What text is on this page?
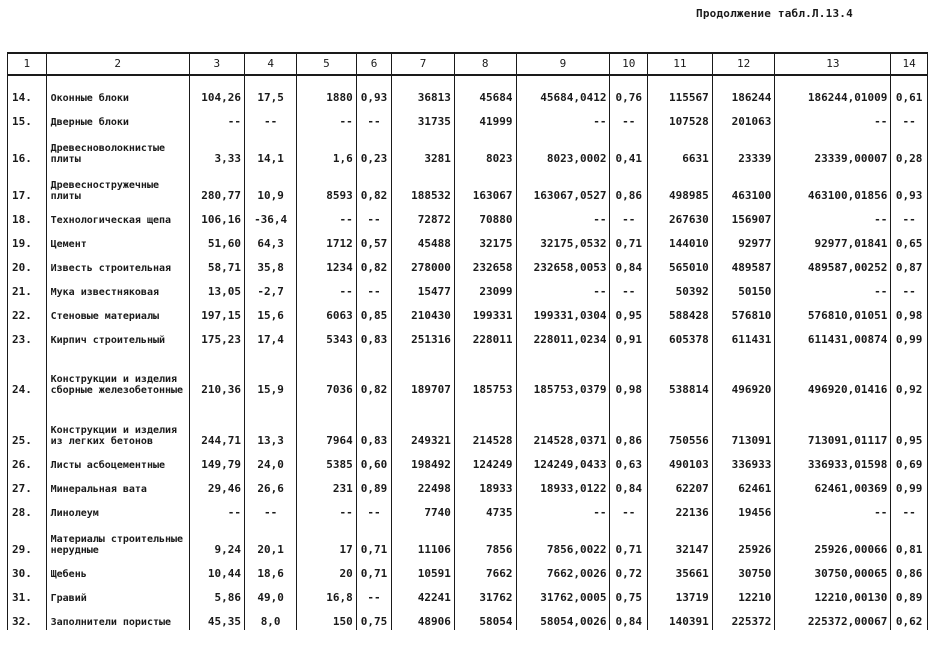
Продолжение табл.Л.13.4
1	2	3	4	5	6	7	8	9	10	11	12	13	14
14.	Оконные блоки	104,26	17,5	1880	0,93	36813	45684	45684,0412	0,76	115567	186244	186244,01009	0,61
15.	Дверные блоки	--	--	--	--	31735	41999	--	--	107528	201063	--	--
16.	Древесноволокнистые плиты	3,33	14,1	1,6	0,23	3281	8023	8023,0002	0,41	6631	23339	23339,00007	0,28
17.	Древесностружечные плиты	280,77	10,9	8593	0,82	188532	163067	163067,0527	0,86	498985	463100	463100,01856	0,93
18.	Технологическая щепа	106,16	-36,4	--	--	72872	70880	--	--	267630	156907	--	--
19.	Цемент	51,60	64,3	1712	0,57	45488	32175	32175,0532	0,71	144010	92977	92977,01841	0,65
20.	Известь строительная	58,71	35,8	1234	0,82	278000	232658	232658,0053	0,84	565010	489587	489587,00252	0,87
21.	Мука известняковая	13,05	-2,7	--	--	15477	23099	--	--	50392	50150	--	--
22.	Стеновые материалы	197,15	15,6	6063	0,85	210430	199331	199331,0304	0,95	588428	576810	576810,01051	0,98
23.	Кирпич строительный	175,23	17,4	5343	0,83	251316	228011	228011,0234	0,91	605378	611431	611431,00874	0,99
24.	Конструкции и изделия сборные железобетонные	210,36	15,9	7036	0,82	189707	185753	185753,0379	0,98	538814	496920	496920,01416	0,92
25.	Конструкции и изделия из легких бетонов	244,71	13,3	7964	0,83	249321	214528	214528,0371	0,86	750556	713091	713091,01117	0,95
26.	Листы асбоцементные	149,79	24,0	5385	0,60	198492	124249	124249,0433	0,63	490103	336933	336933,01598	0,69
27.	Минеральная вата	29,46	26,6	231	0,89	22498	18933	18933,0122	0,84	62207	62461	62461,00369	0,99
28.	Линолеум	--	--	--	--	7740	4735	--	--	22136	19456	--	--
29.	Материалы строительные нерудные	9,24	20,1	17	0,71	11106	7856	7856,0022	0,71	32147	25926	25926,00066	0,81
30.	Щебень	10,44	18,6	20	0,71	10591	7662	7662,0026	0,72	35661	30750	30750,00065	0,86
31.	Гравий	5,86	49,0	16,8	--	42241	31762	31762,0005	0,75	13719	12210	12210,00130	0,89
32.	Заполнители пористые	45,35	8,0	150	0,75	48906	58054	58054,0026	0,84	140391	225372	225372,00067	0,62
